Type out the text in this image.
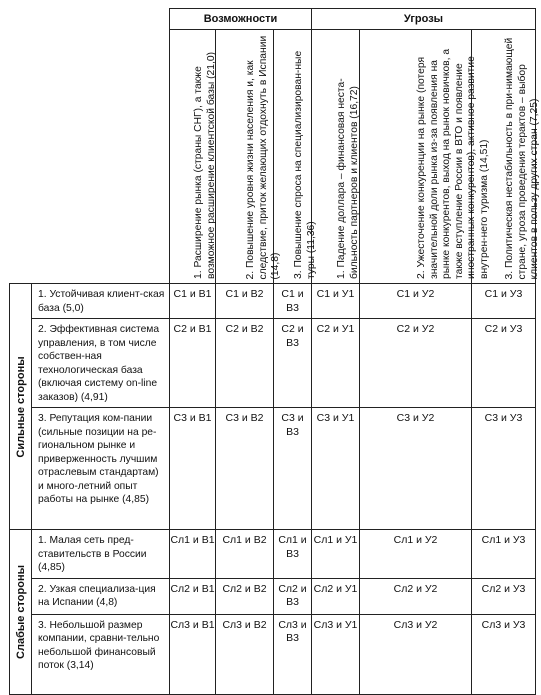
		Возможности			Угрозы		

		1. Расширение рынка (страны СНГ), а также возможное расширение клиентской базы (21,0)	2. Повышение уровня жизни населения и, как следствие, приток желающих отдохнуть в Испании (14,8)	3. Повышение спроса на специализирован-ные туры (11,36)	1. Падение доллара – финансовая неста-бильность партнеров и клиентов (16,72)	2. Ужесточение конкуренции на рынке (потеря значительной доли рынка из-за появления на рынке конкурентов, выход на рынок новичков, а также вступление России в ВТО и появление иностранных конкурентов), активное развитие внутрен-него туризма (14,51)	3. Политическая нестабильность в при-нимающей стране, угроза проведения терактов – выбор клиентов в пользу других стран (7,25)

Сильные стороны	1. Устойчивая клиент-ская база (5,0)	С1 и В1	С1 и В2	С1 и В3	С1 и У1	С1 и У2	С1 и У3
	2. Эффективная система управления, в том числе собствен-ная технологическая база (включая систему on-line заказов) (4,91)	С2 и В1	С2 и В2	С2 и В3	С2 и У1	С2 и У2	С2 и У3
	3. Репутация ком-пании (сильные позиции на ре-гиональном рынке и приверженность лучшим отраслевым стандартам) и много-летний опыт работы на рынке (4,85)	С3 и В1	С3 и В2	С3 и В3	С3 и У1	С3 и У2	С3 и У3

Слабые стороны	1. Малая сеть пред-ставительств в России (4,85)	Сл1 и В1	Сл1 и В2	Сл1 и В3	Сл1 и У1	Сл1 и У2	Сл1 и У3
	2. Узкая специализа-ция на Испании (4,8)	Сл2 и В1	Сл2 и В2	Сл2 и В3	Сл2 и У1	Сл2 и У2	Сл2 и У3
	3. Небольшой размер компании, сравни-тельно небольшой финансовый поток (3,14)	Сл3 и В1	Сл3 и В2	Сл3 и В3	Сл3 и У1	Сл3 и У2	Сл3 и У3
